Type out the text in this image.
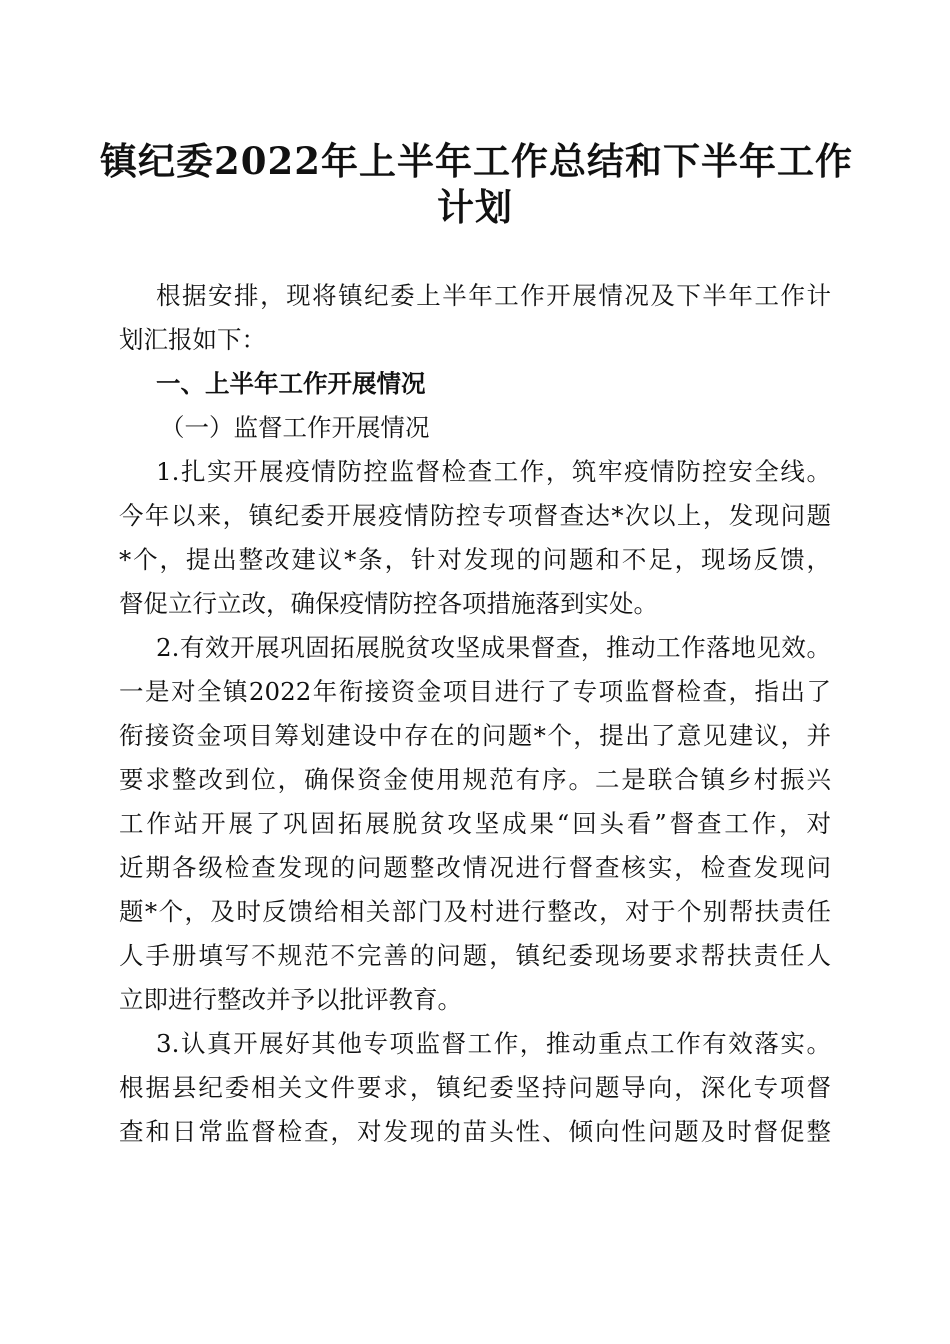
镇纪委2022年上半年工作总结和下半年工作
计划
根据安排，现将镇纪委上半年工作开展情况及下半年工作计
划汇报如下：
一、上半年工作开展情况
（一）监督工作开展情况
1.扎实开展疫情防控监督检查工作，筑牢疫情防控安全线。
今年以来，镇纪委开展疫情防控专项督查达*次以上，发现问题
*个，提出整改建议*条，针对发现的问题和不足，现场反馈，
督促立行立改，确保疫情防控各项措施落到实处。
2.有效开展巩固拓展脱贫攻坚成果督查，推动工作落地见效。
一是对全镇2022年衔接资金项目进行了专项监督检查，指出了
衔接资金项目筹划建设中存在的问题*个，提出了意见建议，并
要求整改到位，确保资金使用规范有序。二是联合镇乡村振兴
工作站开展了巩固拓展脱贫攻坚成果“回头看”督查工作，对
近期各级检查发现的问题整改情况进行督查核实，检查发现问
题*个，及时反馈给相关部门及村进行整改，对于个别帮扶责任
人手册填写不规范不完善的问题，镇纪委现场要求帮扶责任人
立即进行整改并予以批评教育。
3.认真开展好其他专项监督工作，推动重点工作有效落实。
根据县纪委相关文件要求，镇纪委坚持问题导向，深化专项督
查和日常监督检查，对发现的苗头性、倾向性问题及时督促整
